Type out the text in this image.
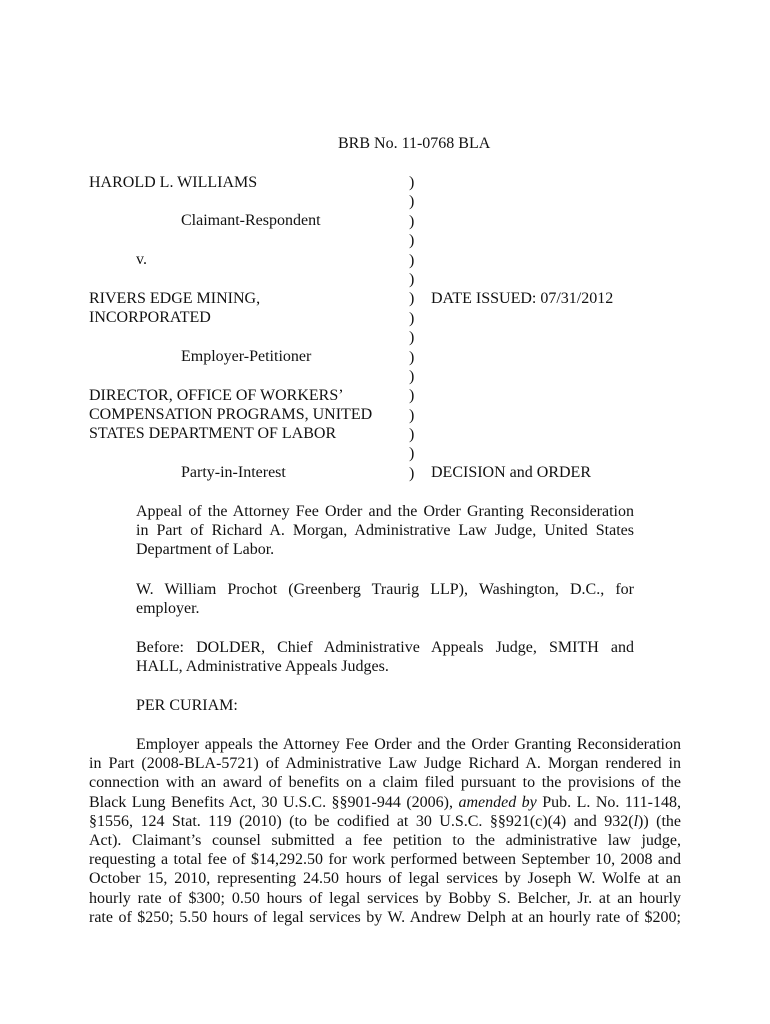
BRB No. 11-0768 BLA
HAROLD L. WILLIAMS
Claimant-Respondent
v.
RIVERS EDGE MINING,
INCORPORATED
Employer-Petitioner
DIRECTOR, OFFICE OF WORKERS’
COMPENSATION PROGRAMS, UNITED
STATES DEPARTMENT OF LABOR
Party-in-Interest
)
)
)
)
)
)
)
)
)
)
)
)
)
)
)
)
DATE ISSUED: 07/31/2012
DECISION and ORDER
Appeal of the Attorney Fee Order and the Order Granting Reconsideration
in Part of Richard A. Morgan, Administrative Law Judge, United States
Department of Labor.
W. William Prochot (Greenberg Traurig LLP), Washington, D.C., for
employer.
Before: DOLDER, Chief Administrative Appeals Judge, SMITH and
HALL, Administrative Appeals Judges.
PER CURIAM:
Employer appeals the Attorney Fee Order and the Order Granting Reconsideration
in Part (2008-BLA-5721) of Administrative Law Judge Richard A. Morgan rendered in
connection with an award of benefits on a claim filed pursuant to the provisions of the
Black Lung Benefits Act, 30 U.S.C. §§901-944 (2006), amended by Pub. L. No. 111-148,
§1556, 124 Stat. 119 (2010) (to be codified at 30 U.S.C. §§921(c)(4) and 932(l)) (the
Act). Claimant’s counsel submitted a fee petition to the administrative law judge,
requesting a total fee of $14,292.50 for work performed between September 10, 2008 and
October 15, 2010, representing 24.50 hours of legal services by Joseph W. Wolfe at an
hourly rate of $300; 0.50 hours of legal services by Bobby S. Belcher, Jr. at an hourly
rate of $250; 5.50 hours of legal services by W. Andrew Delph at an hourly rate of $200;
